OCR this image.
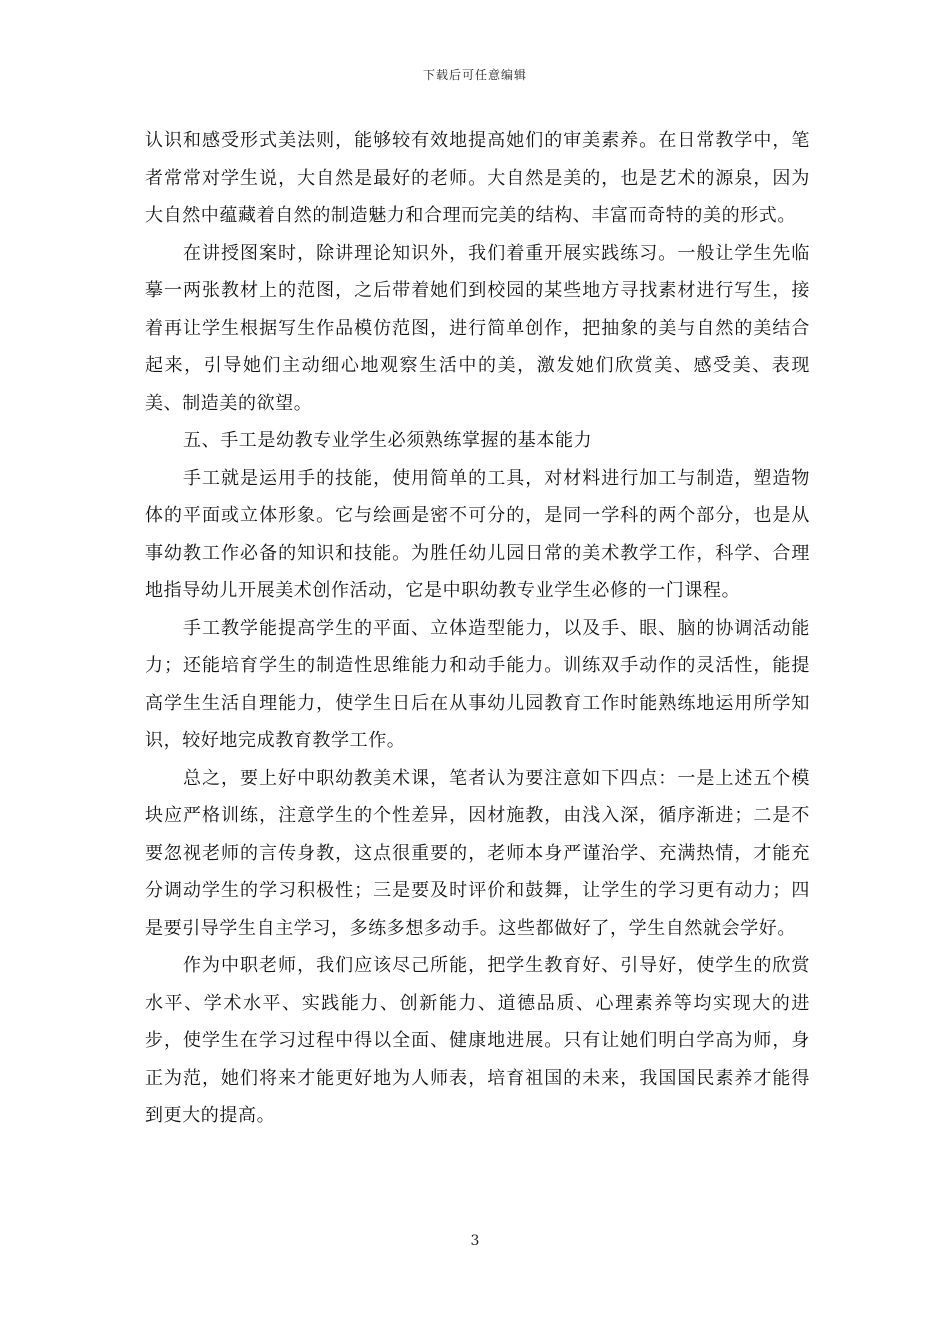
下载后可任意编辑

认识和感受形式美法则，能够较有效地提高她们的审美素养。在日常教学中，笔者常常对学生说，大自然是最好的老师。大自然是美的，也是艺术的源泉，因为大自然中蕴藏着自然的制造魅力和合理而完美的结构、丰富而奇特的美的形式。

在讲授图案时，除讲理论知识外，我们着重开展实践练习。一般让学生先临摹一两张教材上的范图，之后带着她们到校园的某些地方寻找素材进行写生，接着再让学生根据写生作品模仿范图，进行简单创作，把抽象的美与自然的美结合起来，引导她们主动细心地观察生活中的美，激发她们欣赏美、感受美、表现美、制造美的欲望。

五、手工是幼教专业学生必须熟练掌握的基本能力

手工就是运用手的技能，使用简单的工具，对材料进行加工与制造，塑造物体的平面或立体形象。它与绘画是密不可分的，是同一学科的两个部分，也是从事幼教工作必备的知识和技能。为胜任幼儿园日常的美术教学工作，科学、合理地指导幼儿开展美术创作活动，它是中职幼教专业学生必修的一门课程。

手工教学能提高学生的平面、立体造型能力，以及手、眼、脑的协调活动能力；还能培育学生的制造性思维能力和动手能力。训练双手动作的灵活性，能提高学生生活自理能力，使学生日后在从事幼儿园教育工作时能熟练地运用所学知识，较好地完成教育教学工作。

总之，要上好中职幼教美术课，笔者认为要注意如下四点：一是上述五个模块应严格训练，注意学生的个性差异，因材施教，由浅入深，循序渐进；二是不要忽视老师的言传身教，这点很重要的，老师本身严谨治学、充满热情，才能充分调动学生的学习积极性；三是要及时评价和鼓舞，让学生的学习更有动力；四是要引导学生自主学习，多练多想多动手。这些都做好了，学生自然就会学好。

作为中职老师，我们应该尽己所能，把学生教育好、引导好，使学生的欣赏水平、学术水平、实践能力、创新能力、道德品质、心理素养等均实现大的进步，使学生在学习过程中得以全面、健康地进展。只有让她们明白学高为师，身正为范，她们将来才能更好地为人师表，培育祖国的未来，我国国民素养才能得到更大的提高。

3
